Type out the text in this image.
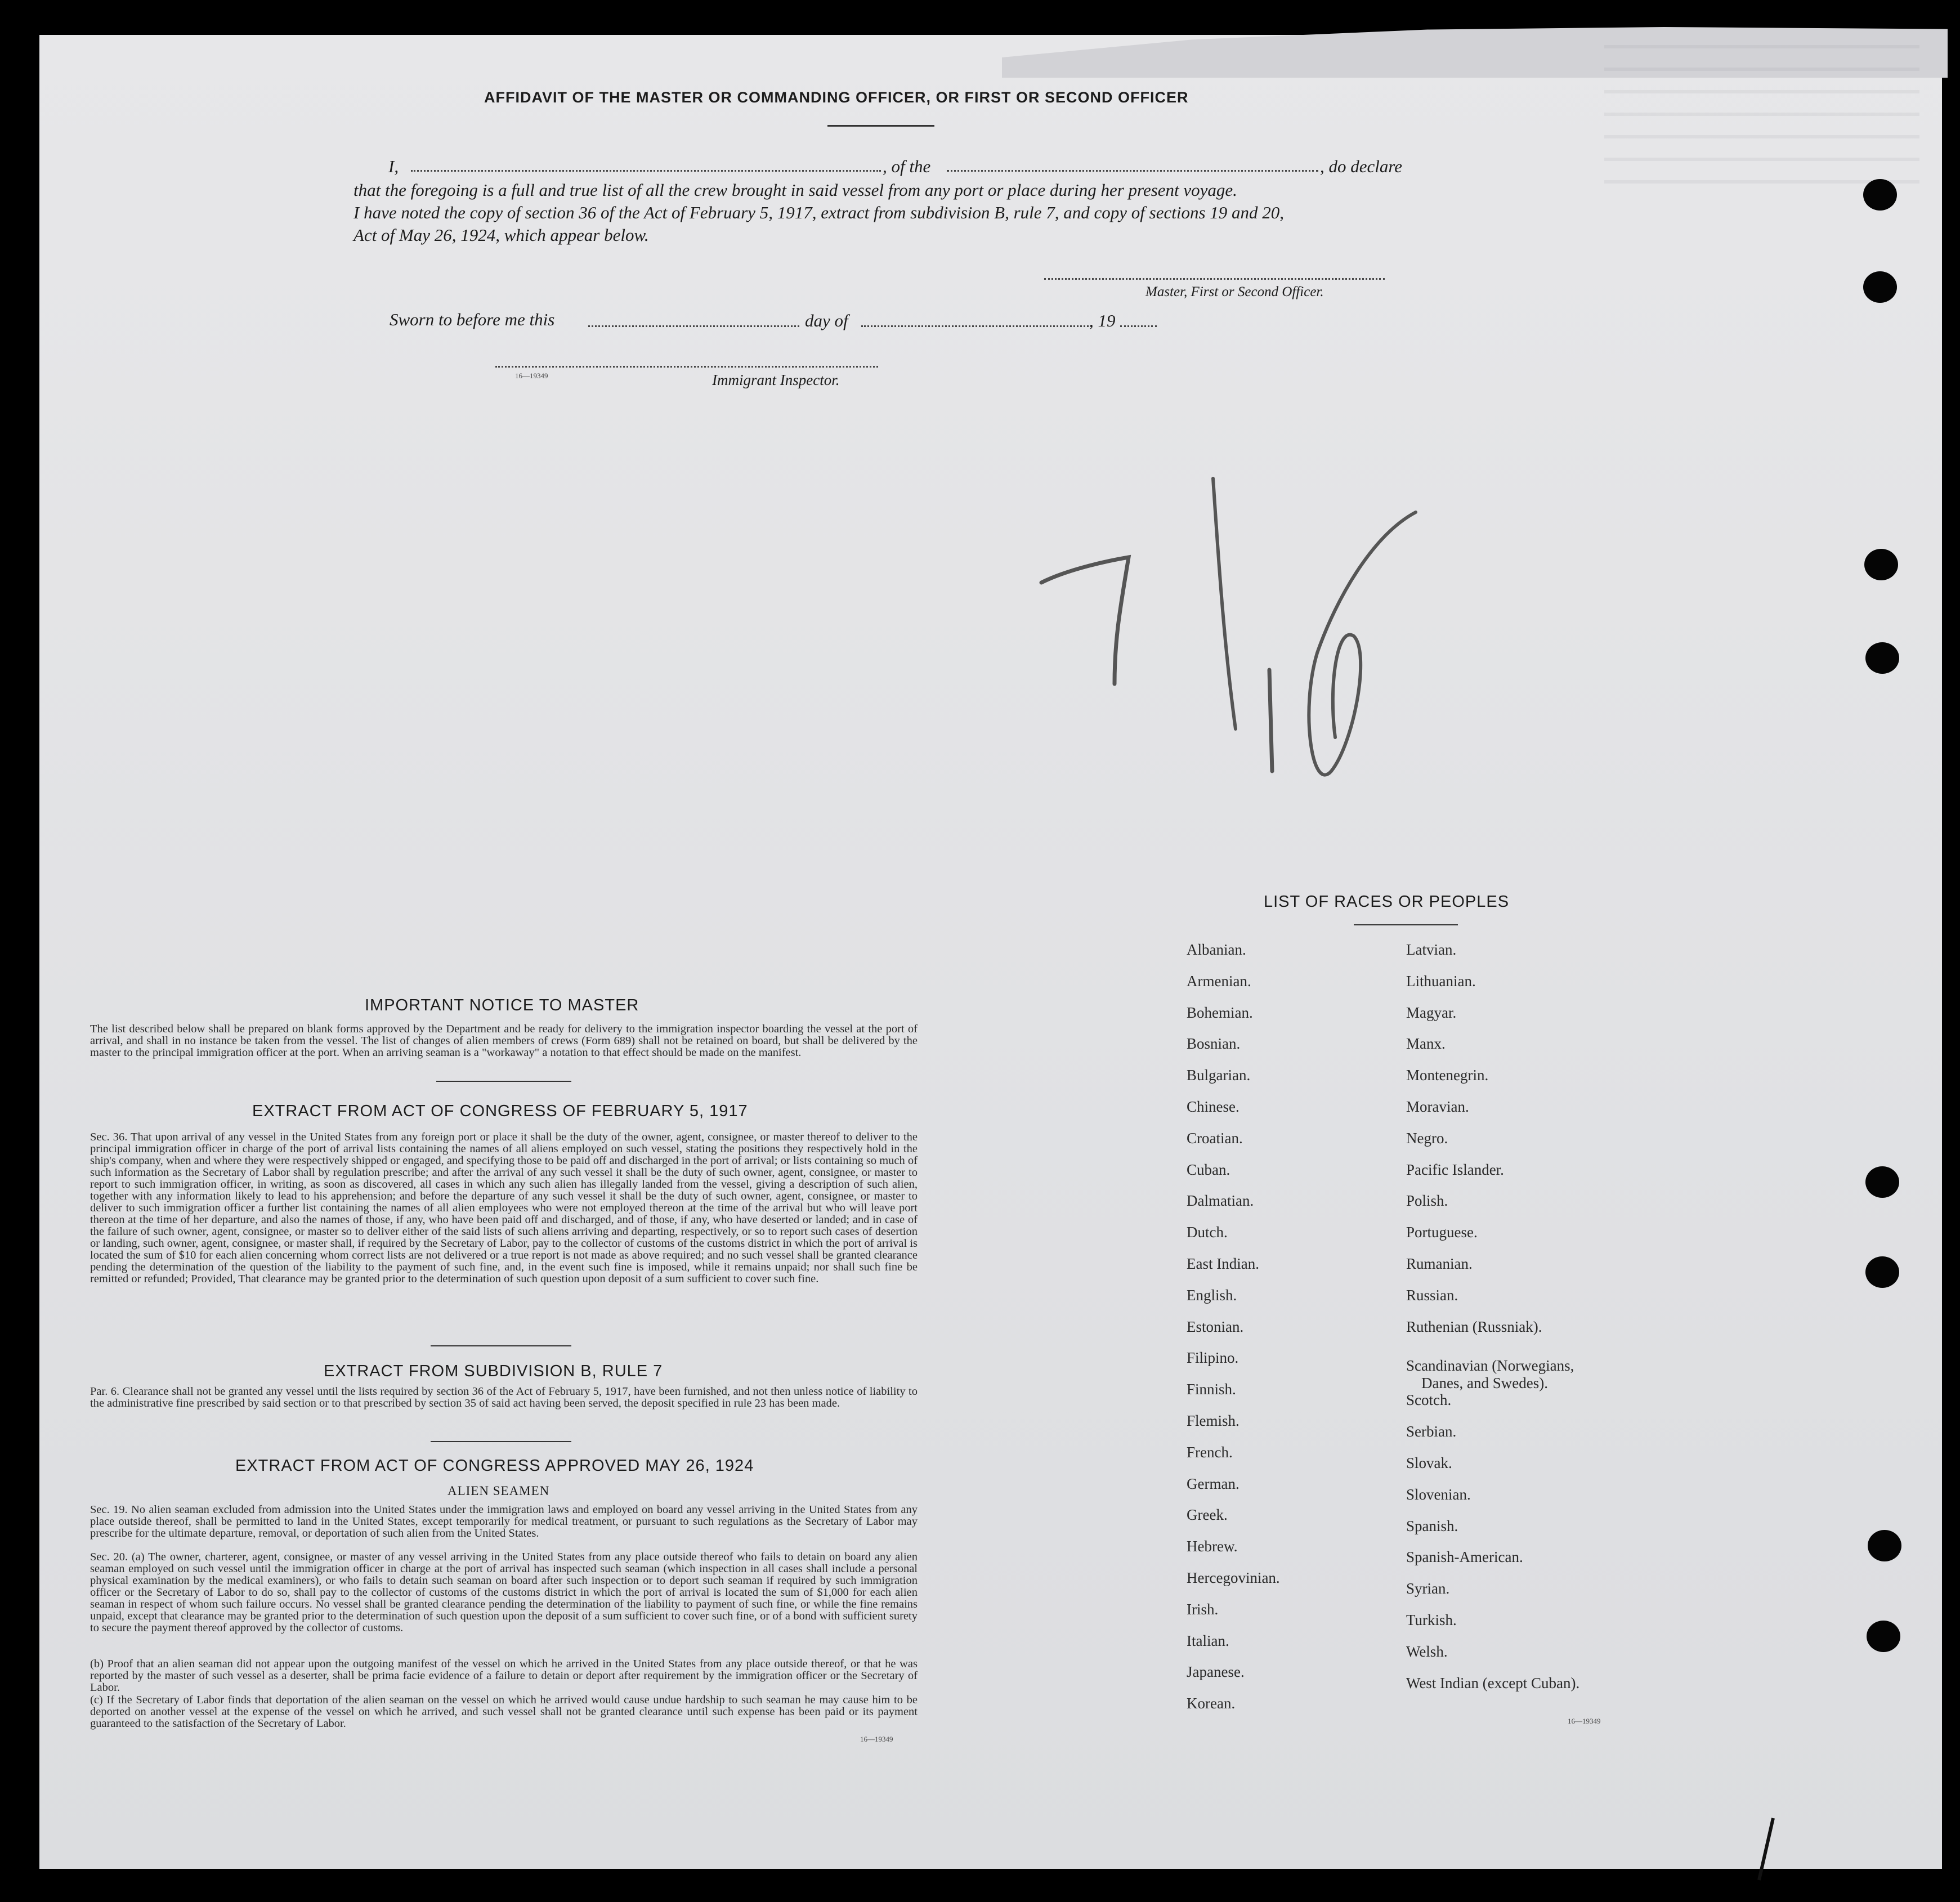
AFFIDAVIT OF THE MASTER OR COMMANDING OFFICER, OR FIRST OR SECOND OFFICER
I,	, of the	, do declare
that the foregoing is a full and true list of all the crew brought in said vessel from any port or place during her present voyage.
I have noted the copy of section 36 of the Act of February 5, 1917, extract from subdivision B, rule 7, and copy of sections 19 and 20,
Act of May 26, 1924, which appear below.
Master, First or Second Officer.
Sworn to before me this	day of	, 19
16—19349	Immigrant Inspector.
IMPORTANT NOTICE TO MASTER
The list described below shall be prepared on blank forms approved by the Department and be ready for delivery to the immigration inspector boarding the vessel at the port of arrival, and shall in no instance be taken from the vessel. The list of changes of alien members of crews (Form 689) shall not be retained on board, but shall be delivered by the master to the principal immigration officer at the port. When an arriving seaman is a "workaway" a notation to that effect should be made on the manifest.
EXTRACT FROM ACT OF CONGRESS OF FEBRUARY 5, 1917
Sec. 36. That upon arrival of any vessel in the United States from any foreign port or place it shall be the duty of the owner, agent, consignee, or master thereof to deliver to the principal immigration officer in charge of the port of arrival lists containing the names of all aliens employed on such vessel, stating the positions they respectively hold in the ship's company, when and where they were respectively shipped or engaged, and specifying those to be paid off and discharged in the port of arrival; or lists containing so much of such information as the Secretary of Labor shall by regulation prescribe; and after the arrival of any such vessel it shall be the duty of such owner, agent, consignee, or master to report to such immigration officer, in writing, as soon as discovered, all cases in which any such alien has illegally landed from the vessel, giving a description of such alien, together with any information likely to lead to his apprehension; and before the departure of any such vessel it shall be the duty of such owner, agent, consignee, or master to deliver to such immigration officer a further list containing the names of all alien employees who were not employed thereon at the time of the arrival but who will leave port thereon at the time of her departure, and also the names of those, if any, who have been paid off and discharged, and of those, if any, who have deserted or landed; and in case of the failure of such owner, agent, consignee, or master so to deliver either of the said lists of such aliens arriving and departing, respectively, or so to report such cases of desertion or landing, such owner, agent, consignee, or master shall, if required by the Secretary of Labor, pay to the collector of customs of the customs district in which the port of arrival is located the sum of $10 for each alien concerning whom correct lists are not delivered or a true report is not made as above required; and no such vessel shall be granted clearance pending the determination of the question of the liability to the payment of such fine, and, in the event such fine is imposed, while it remains unpaid; nor shall such fine be remitted or refunded; Provided, That clearance may be granted prior to the determination of such question upon deposit of a sum sufficient to cover such fine.
EXTRACT FROM SUBDIVISION B, RULE 7
Par. 6. Clearance shall not be granted any vessel until the lists required by section 36 of the Act of February 5, 1917, have been furnished, and not then unless notice of liability to the administrative fine prescribed by said section or to that prescribed by section 35 of said act having been served, the deposit specified in rule 23 has been made.
EXTRACT FROM ACT OF CONGRESS APPROVED MAY 26, 1924
ALIEN SEAMEN
Sec. 19. No alien seaman excluded from admission into the United States under the immigration laws and employed on board any vessel arriving in the United States from any place outside thereof, shall be permitted to land in the United States, except temporarily for medical treatment, or pursuant to such regulations as the Secretary of Labor may prescribe for the ultimate departure, removal, or deportation of such alien from the United States.
Sec. 20. (a) The owner, charterer, agent, consignee, or master of any vessel arriving in the United States from any place outside thereof who fails to detain on board any alien seaman employed on such vessel until the immigration officer in charge at the port of arrival has inspected such seaman (which inspection in all cases shall include a personal physical examination by the medical examiners), or who fails to detain such seaman on board after such inspection or to deport such seaman if required by such immigration officer or the Secretary of Labor to do so, shall pay to the collector of customs of the customs district in which the port of arrival is located the sum of $1,000 for each alien seaman in respect of whom such failure occurs. No vessel shall be granted clearance pending the determination of the liability to payment of such fine, or while the fine remains unpaid, except that clearance may be granted prior to the determination of such question upon the deposit of a sum sufficient to cover such fine, or of a bond with sufficient surety to secure the payment thereof approved by the collector of customs.
(b) Proof that an alien seaman did not appear upon the outgoing manifest of the vessel on which he arrived in the United States from any place outside thereof, or that he was reported by the master of such vessel as a deserter, shall be prima facie evidence of a failure to detain or deport after requirement by the immigration officer or the Secretary of Labor.
(c) If the Secretary of Labor finds that deportation of the alien seaman on the vessel on which he arrived would cause undue hardship to such seaman he may cause him to be deported on another vessel at the expense of the vessel on which he arrived, and such vessel shall not be granted clearance until such expense has been paid or its payment guaranteed to the satisfaction of the Secretary of Labor.
16—19349
LIST OF RACES OR PEOPLES
Albanian.
Armenian.
Bohemian.
Bosnian.
Bulgarian.
Chinese.
Croatian.
Cuban.
Dalmatian.
Dutch.
East Indian.
English.
Estonian.
Filipino.
Finnish.
Flemish.
French.
German.
Greek.
Hebrew.
Hercegovinian.
Irish.
Italian.
Japanese.
Korean.
Latvian.
Lithuanian.
Magyar.
Manx.
Montenegrin.
Moravian.
Negro.
Pacific Islander.
Polish.
Portuguese.
Rumanian.
Russian.
Ruthenian (Russniak).
Scandinavian (Norwegians,
Danes, and Swedes).
Scotch.
Serbian.
Slovak.
Slovenian.
Spanish.
Spanish-American.
Syrian.
Turkish.
Welsh.
West Indian (except Cuban).
16—19349
